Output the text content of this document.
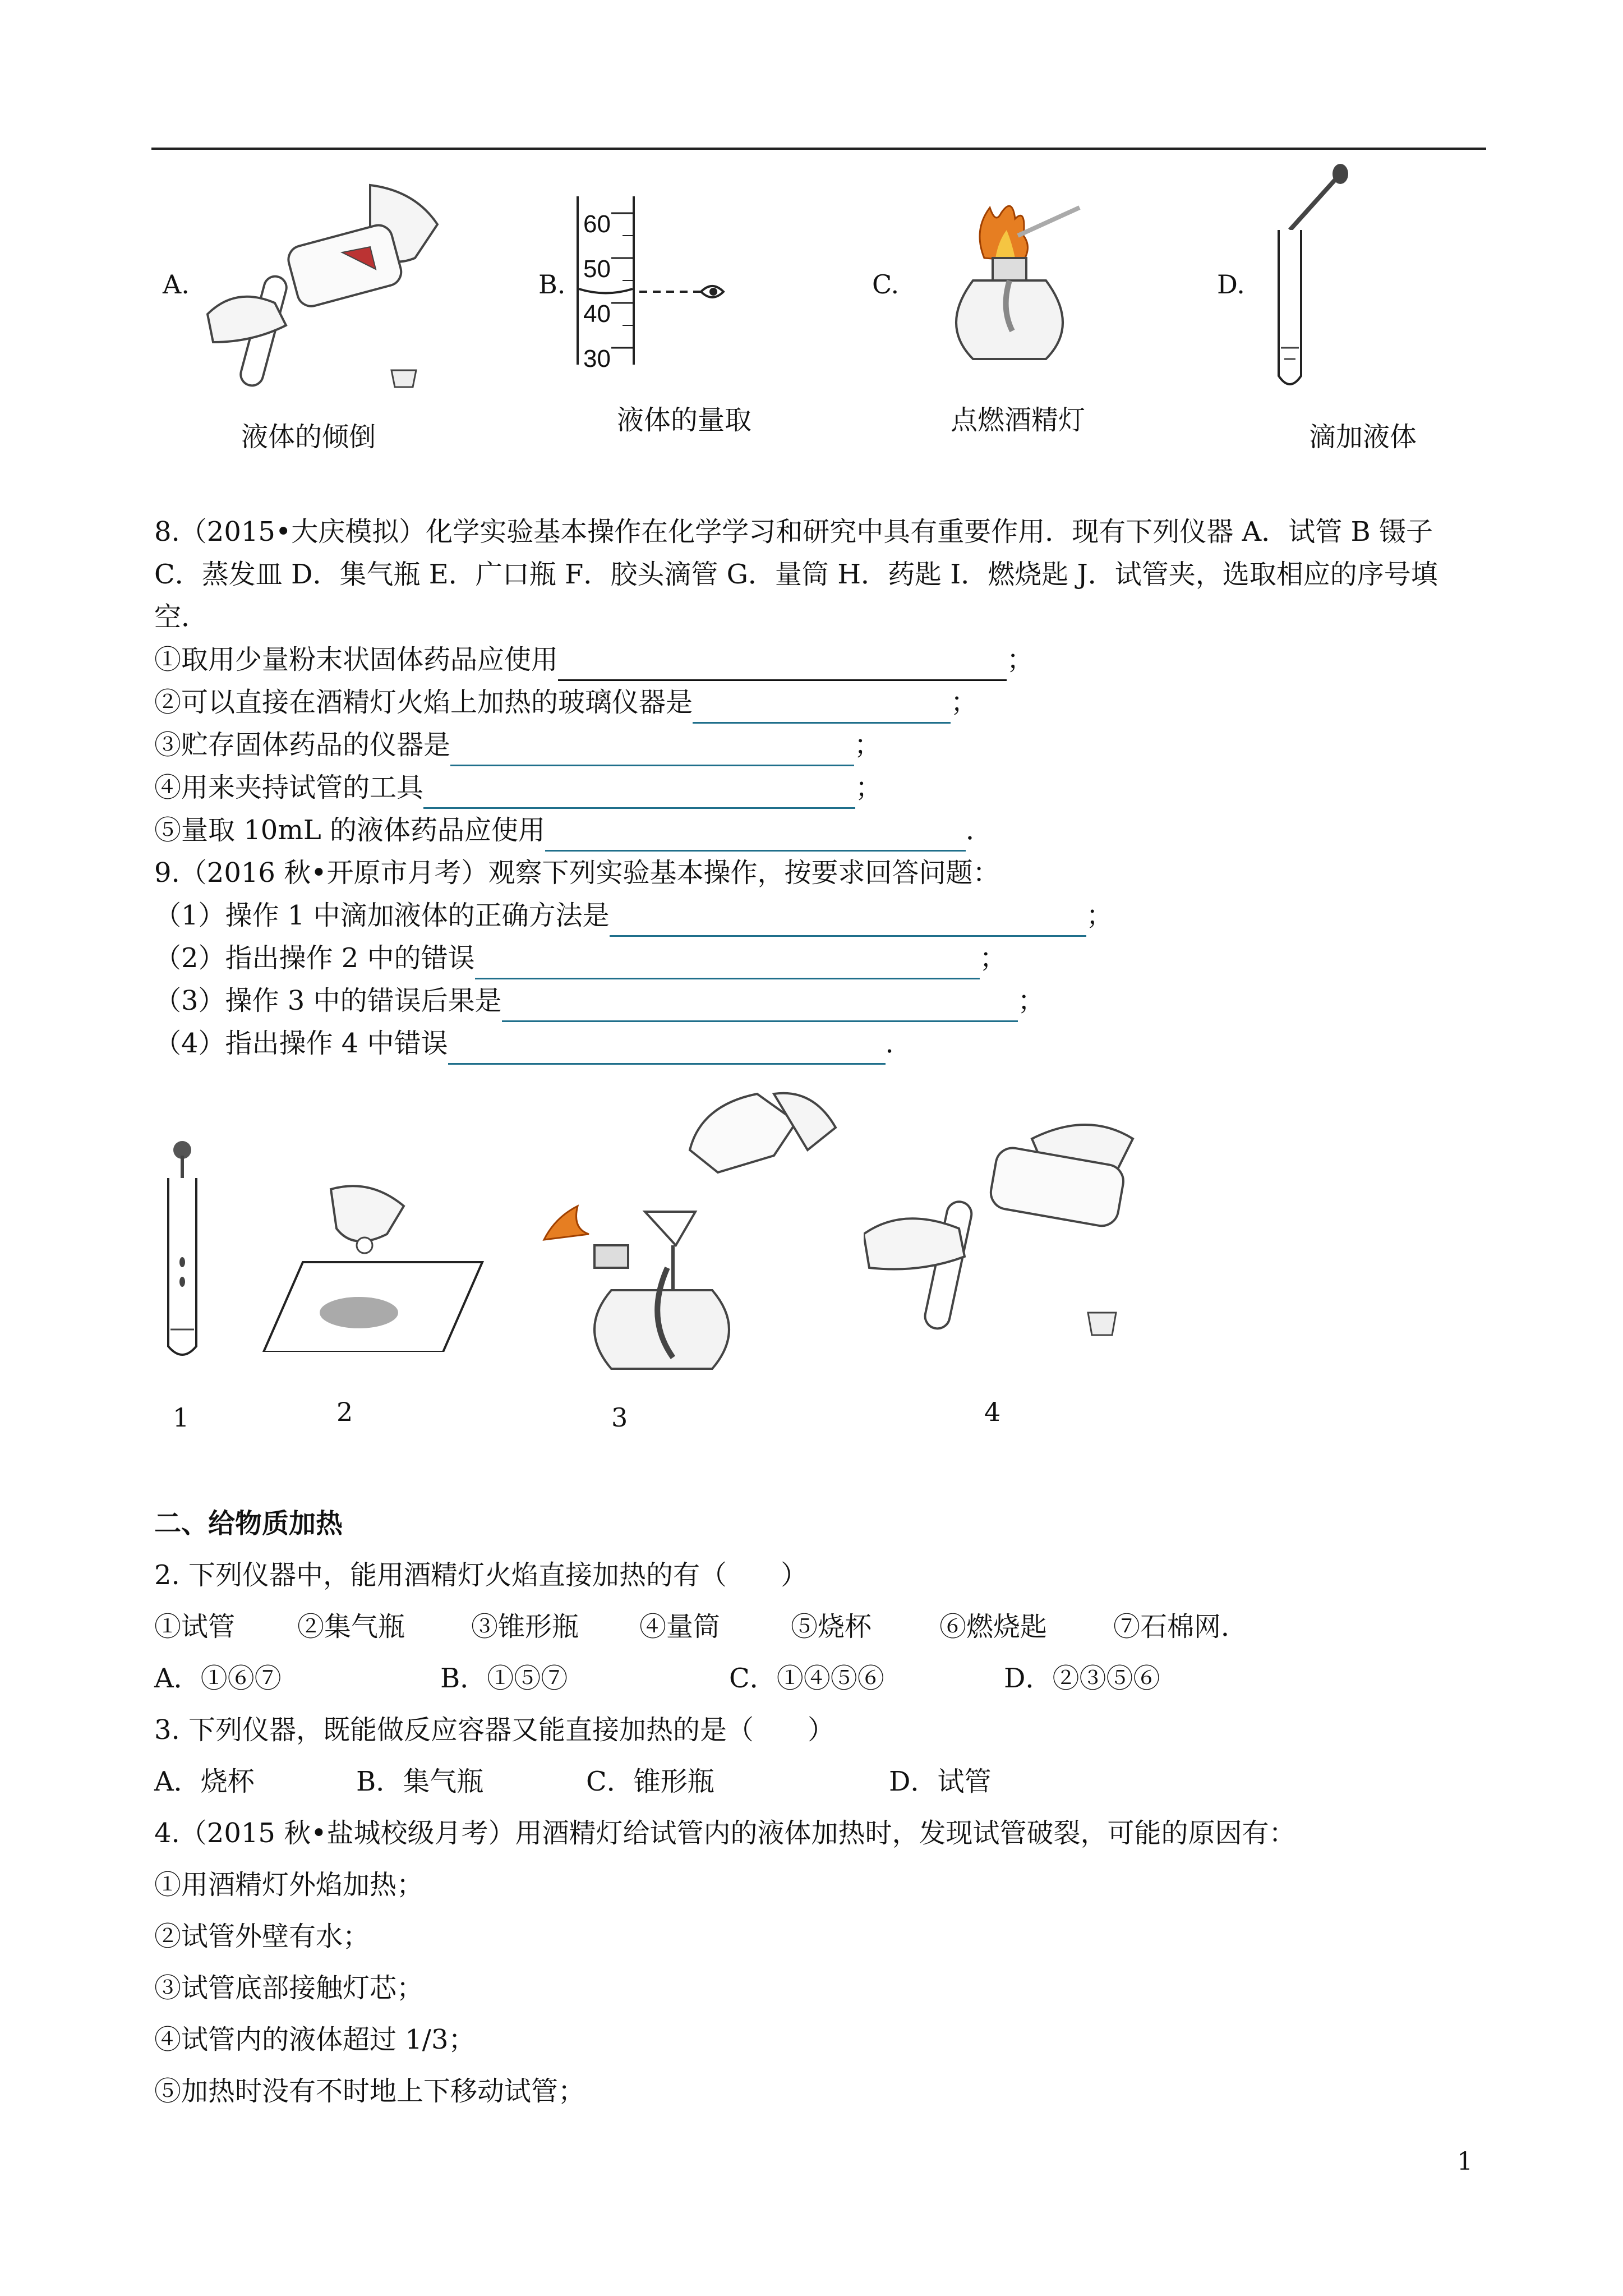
A.
液体的倾倒
B.
60
50
40
30
液体的量取
C.
点燃酒精灯
D.
滴加液体
8.（2015•大庆模拟）化学实验基本操作在化学学习和研究中具有重要作用．现有下列仪器 A．试管 B 镊子
C．蒸发皿 D．集气瓶 E．广口瓶 F．胶头滴管 G．量筒 H．药匙 I．燃烧匙 J．试管夹，选取相应的序号填
空．
①取用少量粉末状固体药品应使用	；
②可以直接在酒精灯火焰上加热的玻璃仪器是	；
③贮存固体药品的仪器是	；
④用来夹持试管的工具	；
⑤量取 10mL 的液体药品应使用	．
9.（2016 秋•开原市月考）观察下列实验基本操作，按要求回答问题：
（1）操作 1 中滴加液体的正确方法是	；
（2）指出操作 2 中的错误	；
（3）操作 3 中的错误后果是	；
（4）指出操作 4 中错误	．
1	2	3	4
二、给物质加热
2. 下列仪器中，能用酒精灯火焰直接加热的有（　　）
①试管 ②集气瓶 ③锥形瓶 ④量筒	⑤烧杯	⑥燃烧匙 ⑦石棉网．
A．①⑥⑦	B．①⑤⑦	C．①④⑤⑥	D．②③⑤⑥
3. 下列仪器，既能做反应容器又能直接加热的是（　　）
A．烧杯	B．集气瓶	C．锥形瓶	D．试管
4.（2015 秋•盐城校级月考）用酒精灯给试管内的液体加热时，发现试管破裂，可能的原因有：
①用酒精灯外焰加热；
②试管外壁有水；
③试管底部接触灯芯；
④试管内的液体超过 1/3；
⑤加热时没有不时地上下移动试管；
1
